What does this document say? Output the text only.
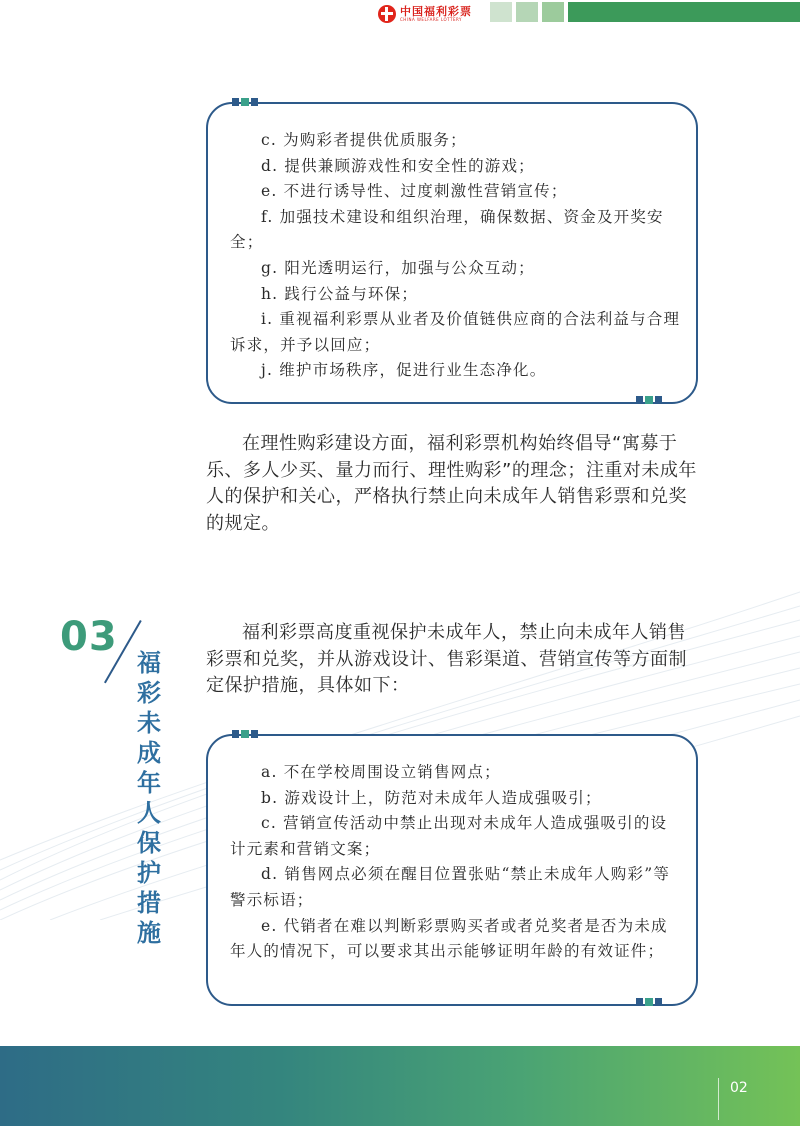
中国福利彩票
CHINA WELFARE LOTTERY

c. 为购彩者提供优质服务；

d. 提供兼顾游戏性和安全性的游戏；

e. 不进行诱导性、过度刺激性营销宣传；

f. 加强技术建设和组织治理，确保数据、资金及开奖安全；

g. 阳光透明运行，加强与公众互动；

h. 践行公益与环保；

i. 重视福利彩票从业者及价值链供应商的合法利益与合理诉求，并予以回应；

j. 维护市场秩序，促进行业生态净化。

在理性购彩建设方面，福利彩票机构始终倡导“寓募于乐、多人少买、量力而行、理性购彩”的理念；注重对未成年人的保护和关心，严格执行禁止向未成年人销售彩票和兑奖的规定。

03
福彩未成年人保护措施

福利彩票高度重视保护未成年人，禁止向未成年人销售彩票和兑奖，并从游戏设计、售彩渠道、营销宣传等方面制定保护措施，具体如下：

a. 不在学校周围设立销售网点；

b. 游戏设计上，防范对未成年人造成强吸引；

c. 营销宣传活动中禁止出现对未成年人造成强吸引的设计元素和营销文案；

d. 销售网点必须在醒目位置张贴“禁止未成年人购彩”等警示标语；

e. 代销者在难以判断彩票购买者或者兑奖者是否为未成年人的情况下，可以要求其出示能够证明年龄的有效证件；

02
